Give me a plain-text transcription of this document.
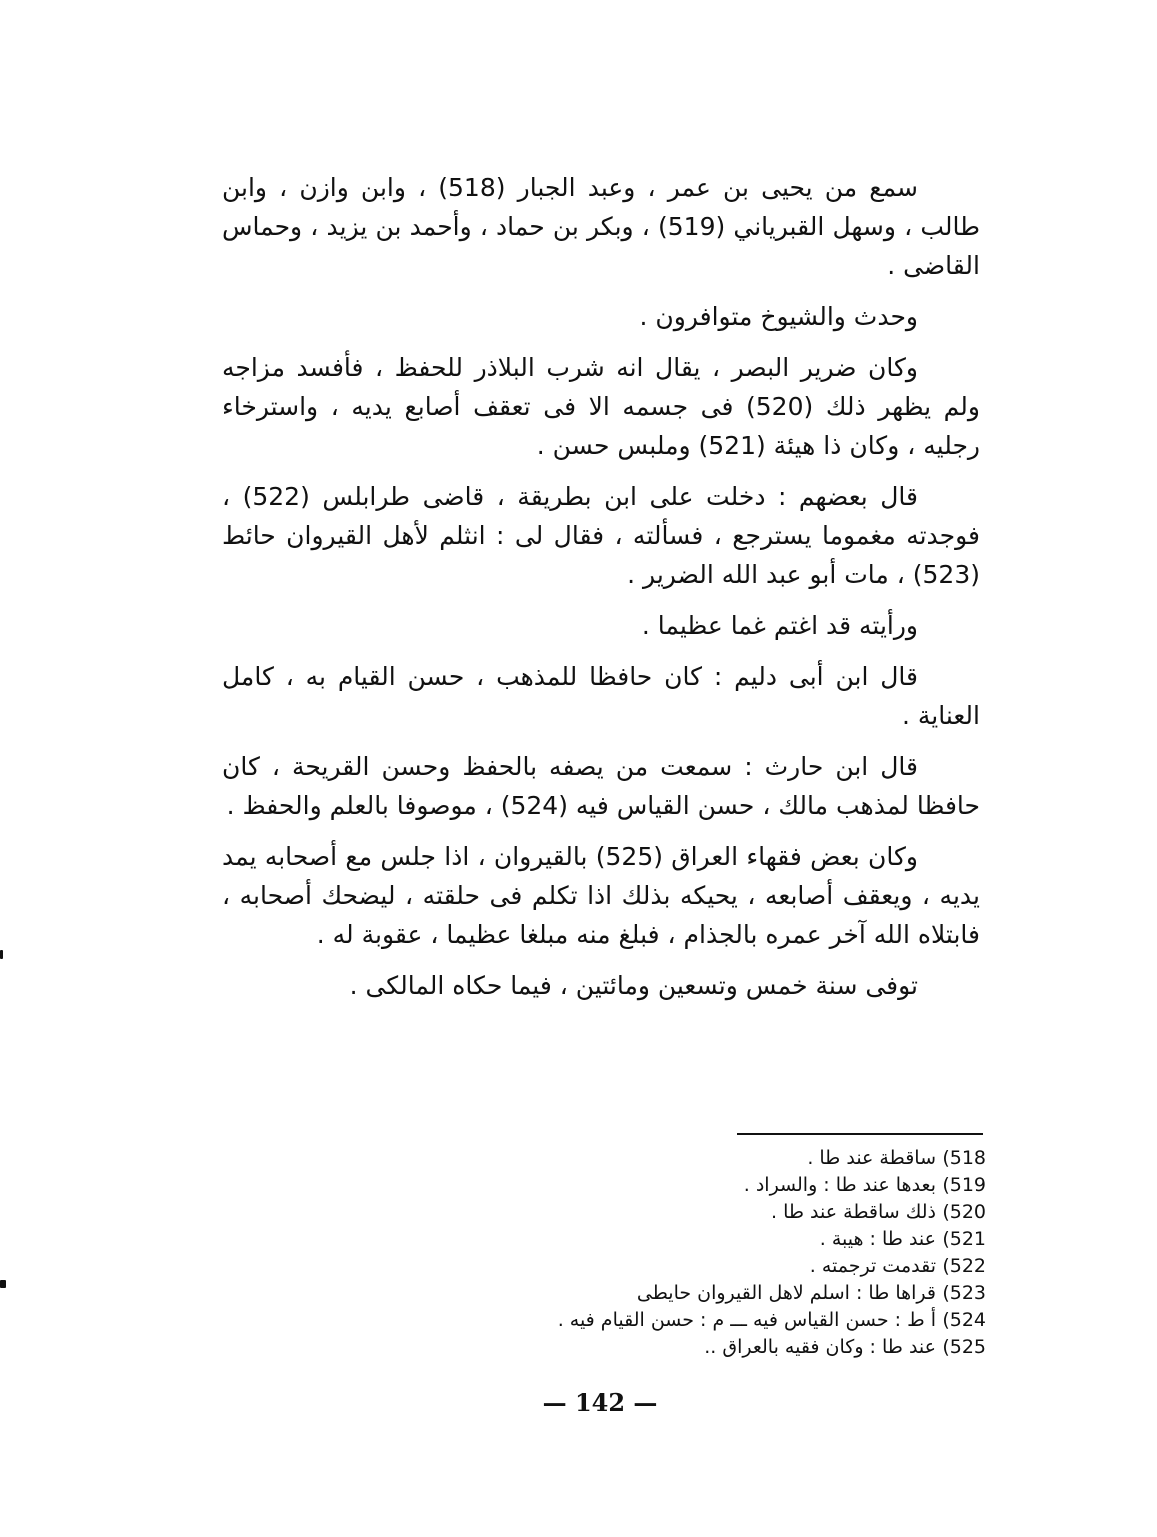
سمع من يحيى بن عمر ، وعبد الجبار (518) ، وابن وازن ، وابن طالب ، وسهل القبرياني (519) ، وبكر بن حماد ، وأحمد بن يزيد ، وحماس القاضى .

وحدث والشيوخ متوافرون .

وكان ضرير البصر ، يقال انه شرب البلاذر للحفظ ، فأفسد مزاجه ولم يظهر ذلك (520) فى جسمه الا فى تعقف أصابع يديه ، واسترخاء رجليه ، وكان ذا هيئة (521) وملبس حسن .

قال بعضهم : دخلت على ابن بطريقة ، قاضى طرابلس (522) ، فوجدته مغموما يسترجع ، فسألته ، فقال لى : انثلم لأهل القيروان حائط (523) ، مات أبو عبد الله الضرير .

ورأيته قد اغتم غما عظيما .

قال ابن أبى دليم : كان حافظا للمذهب ، حسن القيام به ، كامل العناية .

قال ابن حارث : سمعت من يصفه بالحفظ وحسن القريحة ، كان حافظا لمذهب مالك ، حسن القياس فيه (524) ، موصوفا بالعلم والحفظ .

وكان بعض فقهاء العراق (525) بالقيروان ، اذا جلس مع أصحابه يمد يديه ، ويعقف أصابعه ، يحيكه بذلك اذا تكلم فى حلقته ، ليضحك أصحابه ، فابتلاه الله آخر عمره بالجذام ، فبلغ منه مبلغا عظيما ، عقوبة له .

توفى سنة خمس وتسعين ومائتين ، فيما حكاه المالكى .

518)
ساقطة عند طا .
519)
بعدها عند طا : والسراد .
520)
ذلك ساقطة عند طا .
521)
عند طا : هيبة .
522)
تقدمت ترجمته .
523)
قراها طا : اسلم لاهل القيروان حايطى
524)
أ ط : حسن القياس فيه ـــ م : حسن القيام فيه .
525)
عند طا : وكان فقيه بالعراق ..
— 142 —
